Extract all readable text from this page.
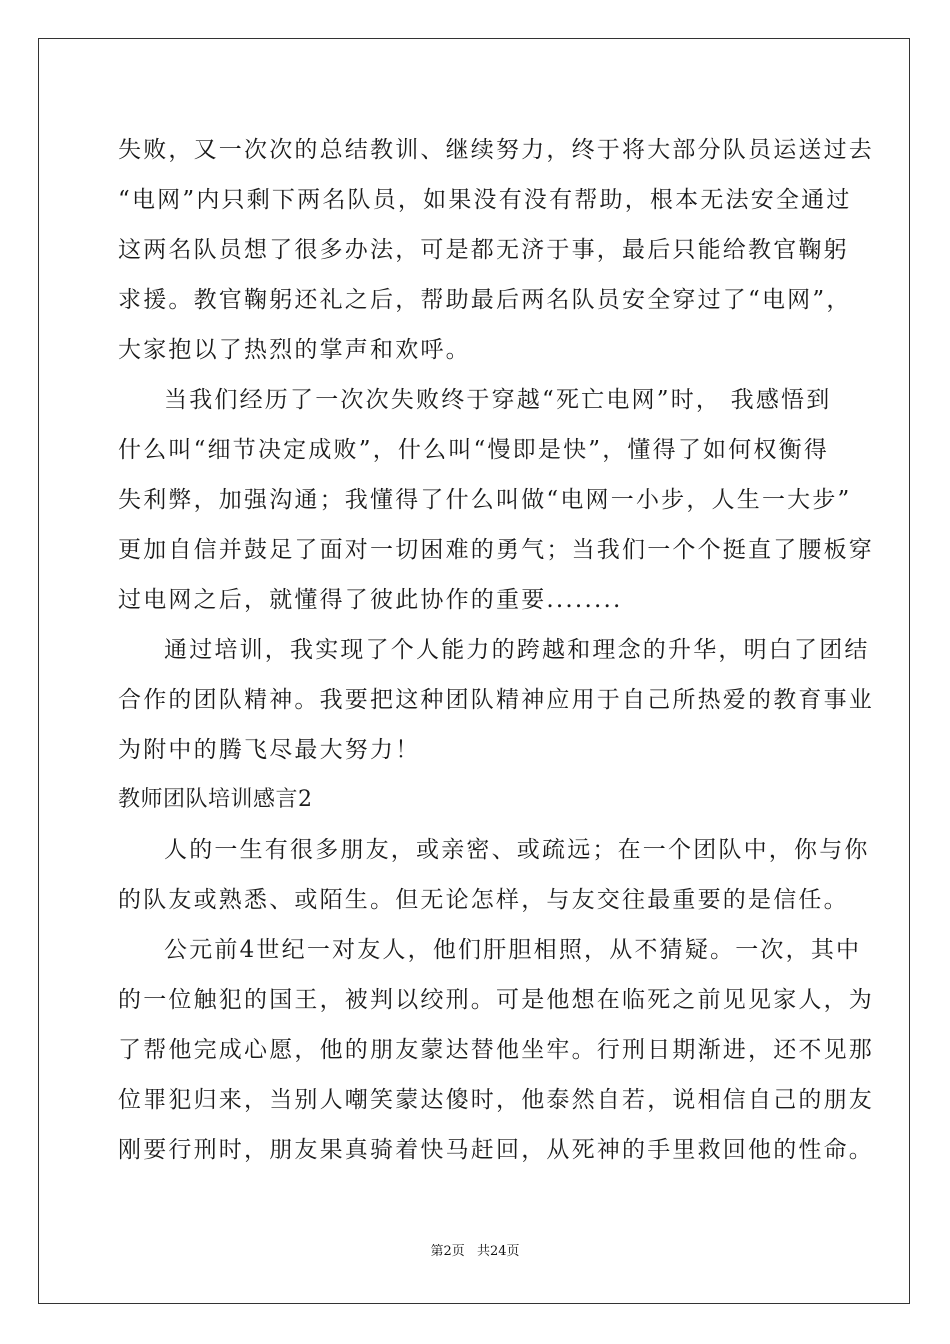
失败，又一次次的总结教训、继续努力，终于将大部分队员运送过去
“电网”内只剩下两名队员，如果没有没有帮助，根本无法安全通过
这两名队员想了很多办法，可是都无济于事，最后只能给教官鞠躬
求援。教官鞠躬还礼之后，帮助最后两名队员安全穿过了“电网”，
大家抱以了热烈的掌声和欢呼。
当我们经历了一次次失败终于穿越“死亡电网”时， 我感悟到
什么叫“细节决定成败”，什么叫“慢即是快”，懂得了如何权衡得
失利弊，加强沟通；我懂得了什么叫做“电网一小步，人生一大步”
更加自信并鼓足了面对一切困难的勇气；当我们一个个挺直了腰板穿
过电网之后，就懂得了彼此协作的重要........
通过培训，我实现了个人能力的跨越和理念的升华，明白了团结
合作的团队精神。我要把这种团队精神应用于自己所热爱的教育事业
为附中的腾飞尽最大努力！
教师团队培训感言2
人的一生有很多朋友，或亲密、或疏远；在一个团队中，你与你
的队友或熟悉、或陌生。但无论怎样，与友交往最重要的是信任。
公元前4世纪一对友人，他们肝胆相照，从不猜疑。一次，其中
的一位触犯的国王，被判以绞刑。可是他想在临死之前见见家人，为
了帮他完成心愿，他的朋友蒙达替他坐牢。行刑日期渐进，还不见那
位罪犯归来，当别人嘲笑蒙达傻时，他泰然自若，说相信自己的朋友
刚要行刑时，朋友果真骑着快马赶回，从死神的手里救回他的性命。
第2页 共24页
